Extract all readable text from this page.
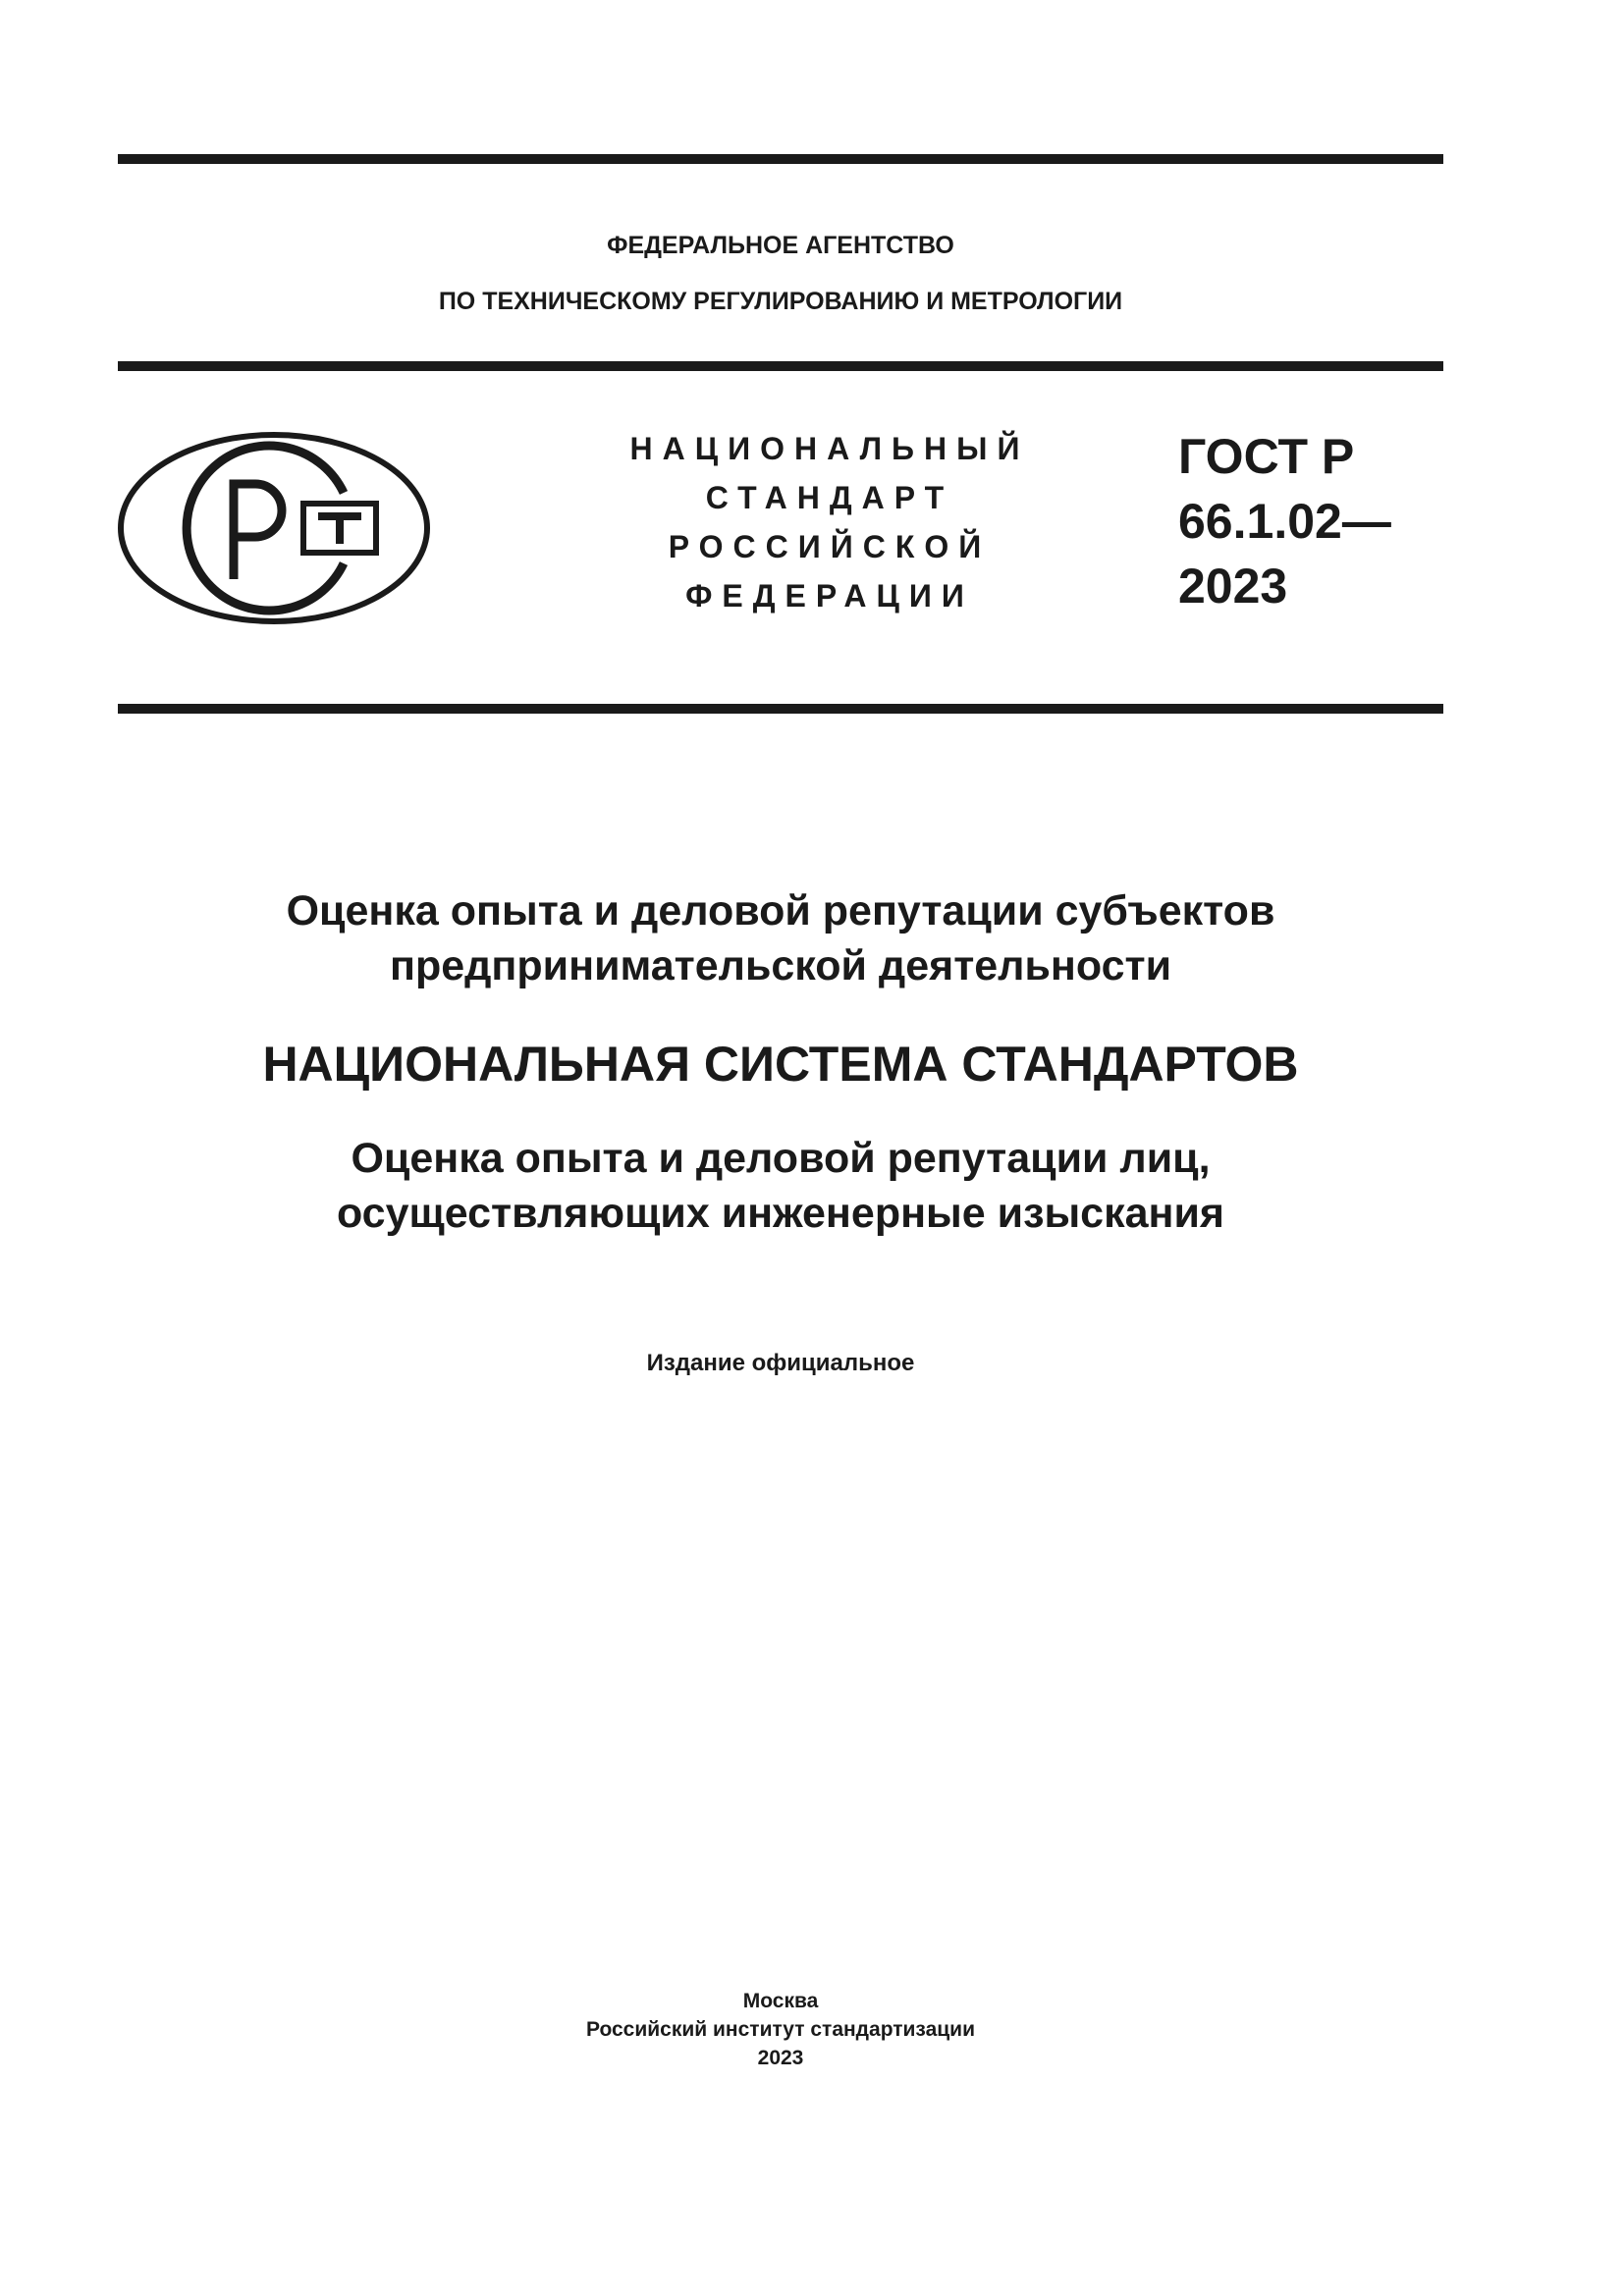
ФЕДЕРАЛЬНОЕ АГЕНТСТВО
ПО ТЕХНИЧЕСКОМУ РЕГУЛИРОВАНИЮ И МЕТРОЛОГИИ

НАЦИОНАЛЬНЫЙ
СТАНДАРТ
РОССИЙСКОЙ
ФЕДЕРАЦИИ

ГОСТ Р
66.1.02—
2023

Оценка опыта и деловой репутации субъектов
предпринимательской деятельности

НАЦИОНАЛЬНАЯ СИСТЕМА СТАНДАРТОВ

Оценка опыта и деловой репутации лиц,
осуществляющих инженерные изыскания

Издание официальное

Москва
Российский институт стандартизации
2023
